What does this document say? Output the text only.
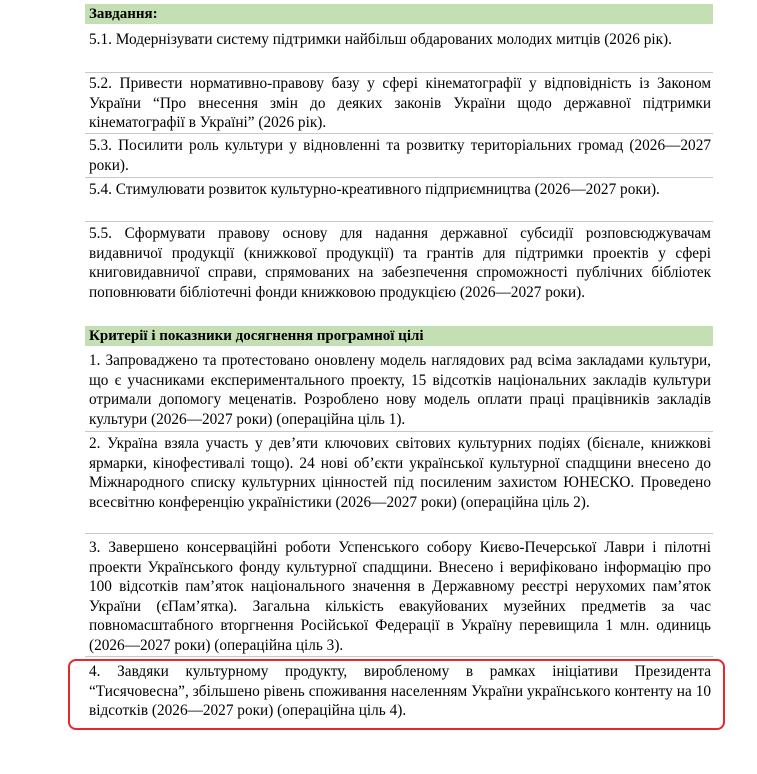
Завдання:
5.1. Модернізувати систему підтримки найбільш обдарованих молодих митців (2026 рік).
5.2. Привести нормативно-правову базу у сфері кінематографії у відповідність із Законом України “Про внесення змін до деяких законів України щодо державної підтримки кінематографії в Україні” (2026 рік).
5.3. Посилити роль культури у відновленні та розвитку територіальних громад (2026—2027 роки).
5.4. Стимулювати розвиток культурно-креативного підприємництва (2026—2027 роки).
5.5. Сформувати правову основу для надання державної субсидії розповсюджувачам видавничої продукції (книжкової продукції) та грантів для підтримки проектів у сфері книговидавничої справи, спрямованих на забезпечення спроможності публічних бібліотек поповнювати бібліотечні фонди книжковою продукцією (2026—2027 роки).
Критерії і показники досягнення програмної цілі
1. Запроваджено та протестовано оновлену модель наглядових рад всіма закладами культури, що є учасниками експериментального проекту, 15 відсотків національних закладів культури отримали допомогу меценатів. Розроблено нову модель оплати праці працівників закладів культури (2026—2027 роки) (операційна ціль 1).
2. Україна взяла участь у дев’яти ключових світових культурних подіях (бієнале, книжкові ярмарки, кінофестивалі тощо). 24 нові об’єкти української культурної спадщини внесено до Міжнародного списку культурних цінностей під посиленим захистом ЮНЕСКО. Проведено всесвітню конференцію україністики (2026—2027 роки) (операційна ціль 2).
3. Завершено консерваційні роботи Успенського собору Києво-Печерської Лаври і пілотні проекти Українського фонду культурної спадщини. Внесено і верифіковано інформацію про 100 відсотків пам’яток національного значення в Державному реєстрі нерухомих пам’яток України (єПам’ятка). Загальна кількість евакуйованих музейних предметів за час повномасштабного вторгнення Російської Федерації в Україну перевищила 1 млн. одиниць (2026—2027 роки) (операційна ціль 3).
4. Завдяки культурному продукту, виробленому в рамках ініціативи Президента “Тисячовесна”, збільшено рівень споживання населенням України українського контенту на 10 відсотків (2026—2027 роки) (операційна ціль 4).
